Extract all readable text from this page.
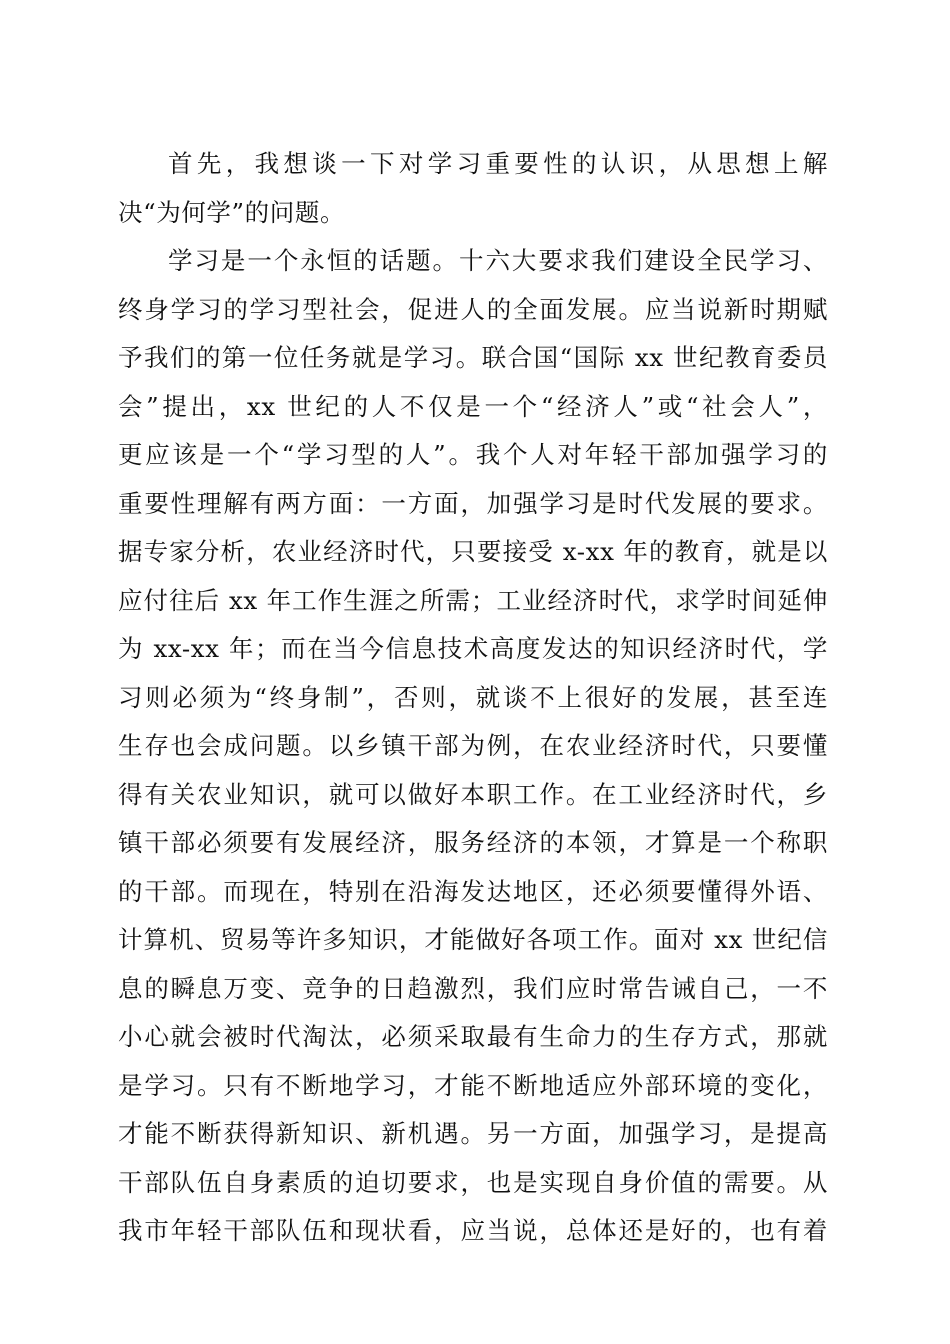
首先，我想谈一下对学习重要性的认识，从思想上解
决“为何学”的问题。
学习是一个永恒的话题。十六大要求我们建设全民学习、
终身学习的学习型社会，促进人的全面发展。应当说新时期赋
予我们的第一位任务就是学习。联合国“国际 xx 世纪教育委员
会”提出，xx 世纪的人不仅是一个“经济人”或“社会人”，
更应该是一个“学习型的人”。我个人对年轻干部加强学习的
重要性理解有两方面：一方面，加强学习是时代发展的要求。
据专家分析，农业经济时代，只要接受 x-xx 年的教育，就是以
应付往后 xx 年工作生涯之所需；工业经济时代，求学时间延伸
为 xx-xx 年；而在当今信息技术高度发达的知识经济时代，学
习则必须为“终身制”，否则，就谈不上很好的发展，甚至连
生存也会成问题。以乡镇干部为例，在农业经济时代，只要懂
得有关农业知识，就可以做好本职工作。在工业经济时代，乡
镇干部必须要有发展经济，服务经济的本领，才算是一个称职
的干部。而现在，特别在沿海发达地区，还必须要懂得外语、
计算机、贸易等许多知识，才能做好各项工作。面对 xx 世纪信
息的瞬息万变、竞争的日趋激烈，我们应时常告诫自己，一不
小心就会被时代淘汰，必须采取最有生命力的生存方式，那就
是学习。只有不断地学习，才能不断地适应外部环境的变化，
才能不断获得新知识、新机遇。另一方面，加强学习，是提高
干部队伍自身素质的迫切要求，也是实现自身价值的需要。从
我市年轻干部队伍和现状看，应当说，总体还是好的，也有着
